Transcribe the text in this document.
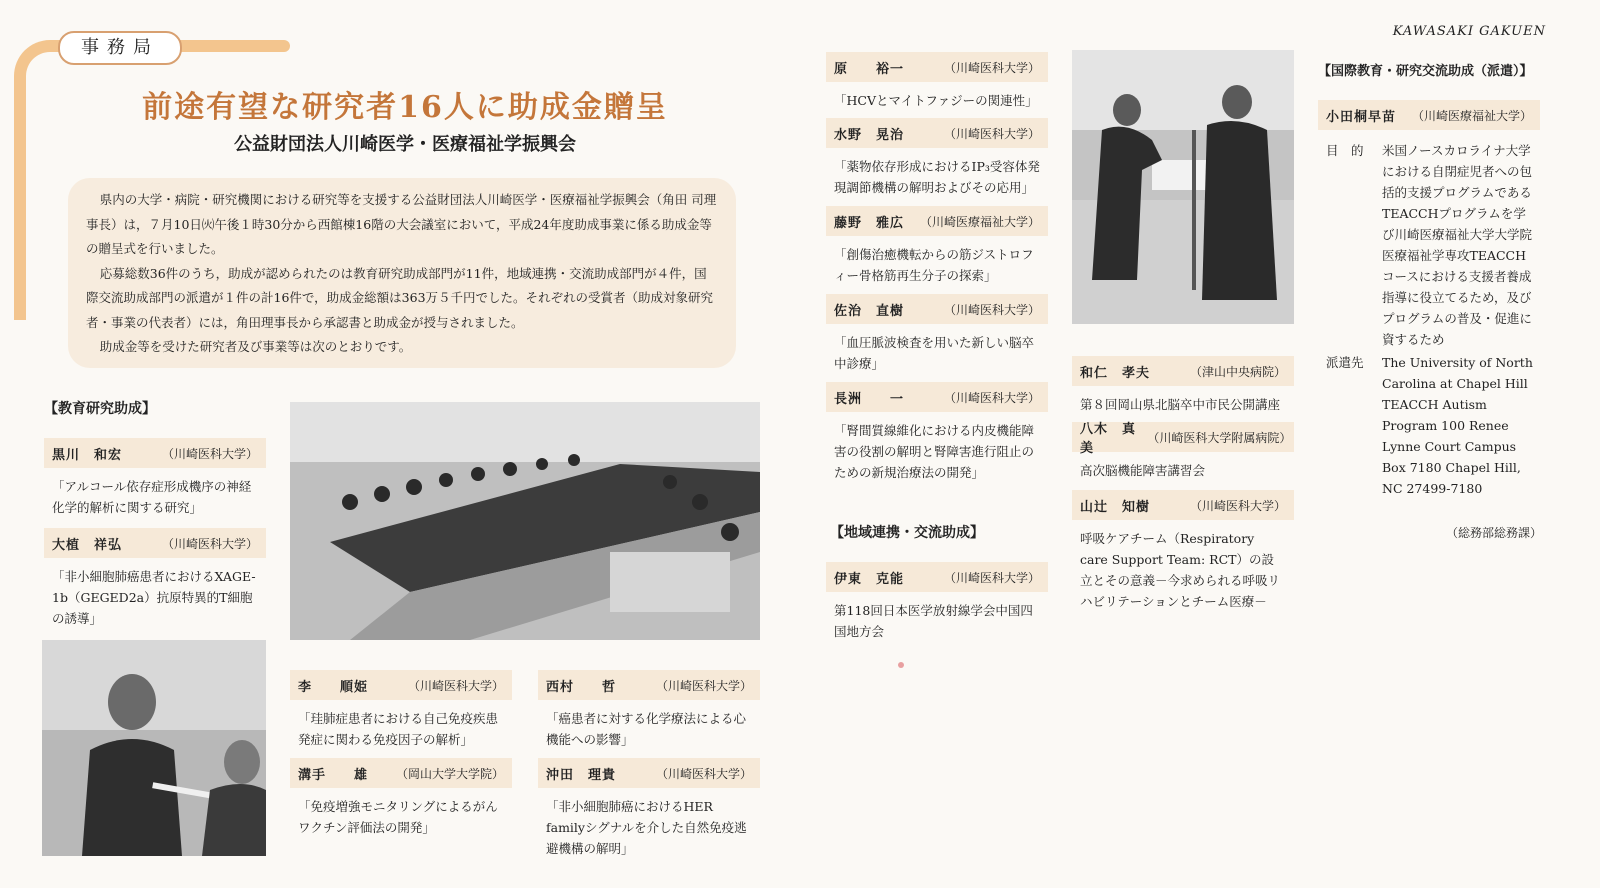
事務局
前途有望な研究者16人に助成金贈呈
公益財団法人川崎医学・医療福祉学振興会
KAWASAKI GAKUEN

県内の大学・病院・研究機関における研究等を支援する公益財団法人川崎医学・医療福祉学振興会（角田 司理事長）は，７月10日㈫午後１時30分から西館棟16階の大会議室において，平成24年度助成事業に係る助成金等の贈呈式を行いました。

応募総数36件のうち，助成が認められたのは教育研究助成部門が11件，地域連携・交流助成部門が４件，国際交流助成部門の派遣が１件の計16件で，助成金総額は363万５千円でした。それぞれの受賞者（助成対象研究者・事業の代表者）には，角田理事長から承認書と助成金が授与されました。

助成金等を受けた研究者及び事業等は次のとおりです。

【教育研究助成】
黒川　和宏	（川崎医科大学）
「アルコール依存症形成機序の神経化学的解析に関する研究」
大植　祥弘	（川崎医科大学）
「非小細胞肺癌患者におけるXAGE-1b（GEGED2a）抗原特異的T細胞の誘導」
李　　順姫	（川崎医科大学）
「珪肺症患者における自己免疫疾患発症に関わる免疫因子の解析」
溝手　　雄 （岡山大学大学院）
「免疫増強モニタリングによるがんワクチン評価法の開発」
西村　　哲	（川崎医科大学）
「癌患者に対する化学療法による心機能への影響」
沖田　理貴	（川崎医科大学）
「非小細胞肺癌におけるHER familyシグナルを介した自然免疫逃避機構の解明」
原　　裕一	（川崎医科大学）
「HCVとマイトファジーの関連性」
水野　晃治	（川崎医科大学）
「薬物依存形成におけるIP₃受容体発現調節機構の解明およびその応用」
藤野　雅広 （川崎医療福祉大学）
「創傷治癒機転からの筋ジストロフィー骨格筋再生分子の探索」
佐治　直樹	（川崎医科大学）
「血圧脈波検査を用いた新しい脳卒中診療」
長洲　　一	（川崎医科大学）
「腎間質線維化における内皮機能障害の役割の解明と腎障害進行阻止のための新規治療法の開発」
【地域連携・交流助成】
伊東　克能	（川崎医科大学）
第118回日本医学放射線学会中国四国地方会
和仁　孝夫	（津山中央病院）
第８回岡山県北脳卒中市民公開講座
八木　真美
（川崎医科大学附属病院）
高次脳機能障害講習会
山辻　知樹	（川崎医科大学）
呼吸ケアチーム（Respiratory care Support Team: RCT）の設立とその意義－今求められる呼吸リハビリテーションとチーム医療－
【国際教育・研究交流助成（派遣）】
小田桐早苗 （川崎医療福祉大学）
目　的 米国ノースカロライナ大学における自閉症児者への包括的支援プログラムであるTEACCHプログラムを学び川崎医療福祉大学大学院医療福祉学専攻TEACCHコースにおける支援者養成指導に役立てるため，及びプログラムの普及・促進に資するため
派遣先 The University of North Carolina at Chapel Hill TEACCH Autism Program 100 Renee Lynne Court Campus Box 7180 Chapel Hill, NC 27499-7180
（総務部総務課）
